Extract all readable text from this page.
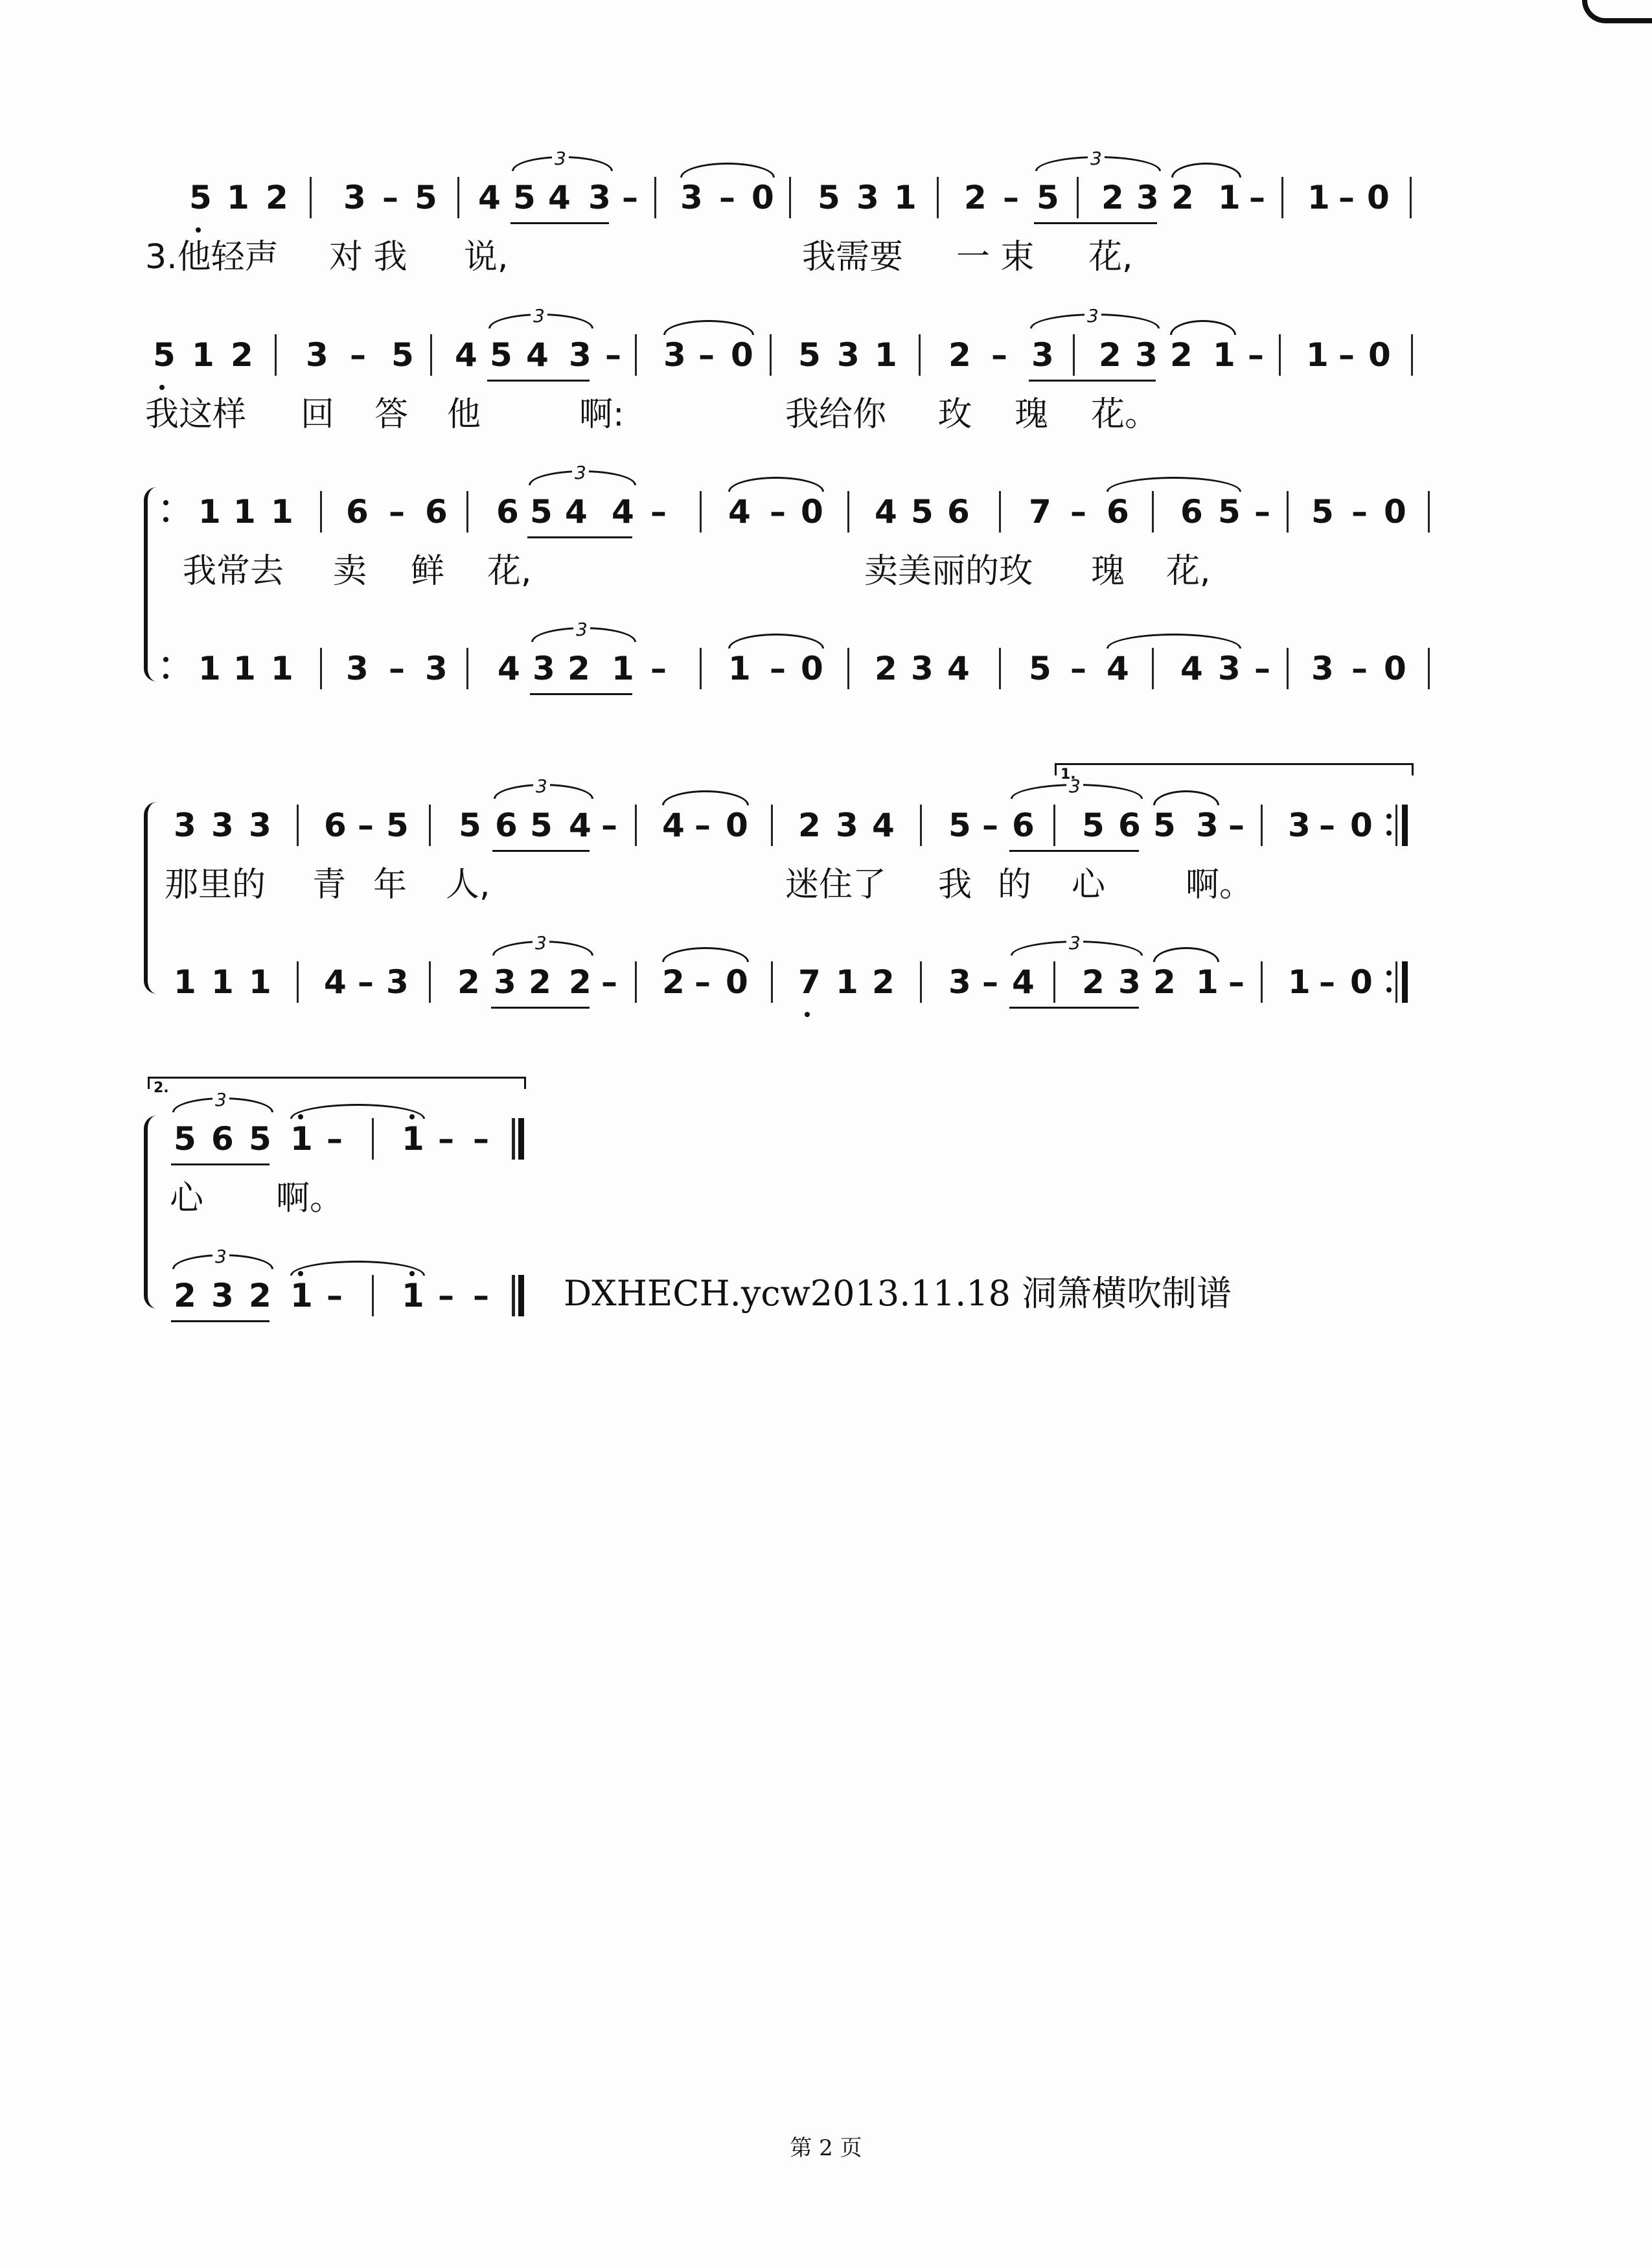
5 1 2 3 – 5 4 5 4 3 – 3 – 0 5 3 1 2 – 5 2 3 2 1 – 1 – 0
3	3
5 1 2 3 – 5 4 5 4 3 – 3 – 0 5 3 1 2 – 3 2 3 2 1 – 1 – 0
3	3
1 1 1 6 – 6 6 5 4 4 – 4 – 0 4 5 6 7 – 6 6 5 – 5 – 0
3
1 1 1 3 – 3 4 3 2 1 – 1 – 0 2 3 4 5 – 4 4 3 – 3 – 0
3
3 3 3 6 – 5 5 6 5 4 – 4 – 0 2 3 4 5 – 6 5 6 5 3 – 3 – 0
3	3
1 1 1 4 – 3 2 3 2 2 – 2 – 0 7 1 2 3 – 4 2 3 2 1 – 1 – 0
3	3
5 6 5 1 – 1 – –
3
2 3 2 1 – 1 – –
3
3.他轻声 对 我 说,	我需要 一 束 花,
我这样 回 答 他	啊:	我给你 玫 瑰 花。
我常去 卖 鲜 花,	卖美丽的玫 瑰 花,
那里的 青 年 人,	迷住了 我 的 心 啊。
心 啊。
1.
2.
DXHECH.ycw2013.11.18 洞箫横吹制谱
第 2 页
